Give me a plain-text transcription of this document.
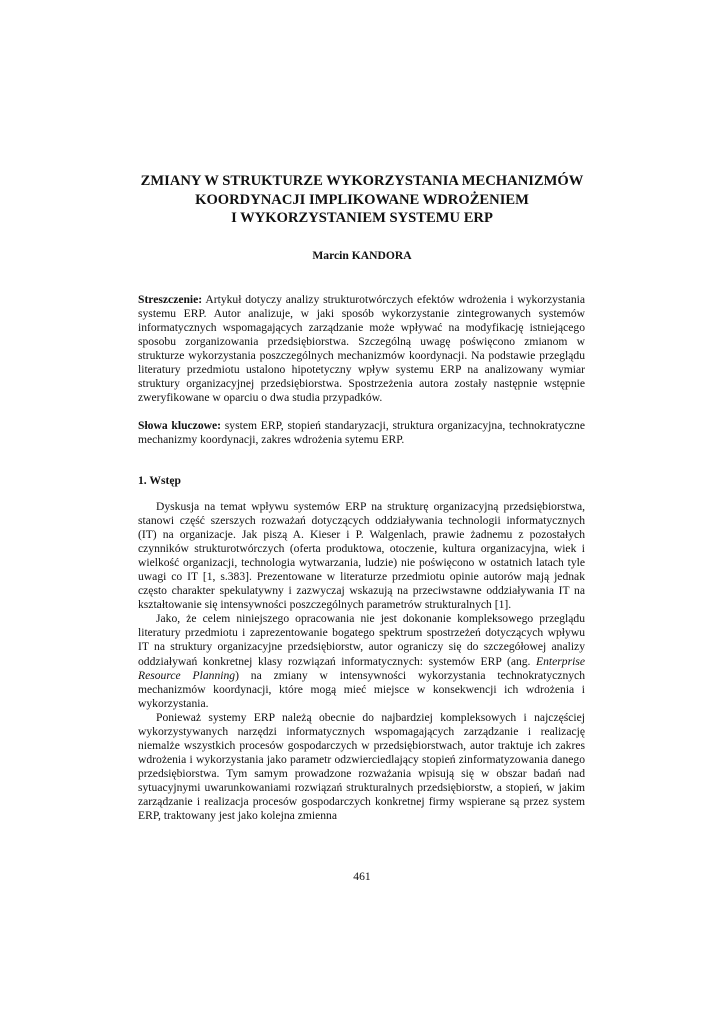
ZMIANY W STRUKTURZE WYKORZYSTANIA MECHANIZMÓW
KOORDYNACJI IMPLIKOWANE WDROŻENIEM
I WYKORZYSTANIEM SYSTEMU ERP
Marcin KANDORA
Streszczenie: Artykuł dotyczy analizy strukturotwórczych efektów wdrożenia i wykorzystania systemu ERP. Autor analizuje, w jaki sposób wykorzystanie zintegrowanych systemów informatycznych wspomagających zarządzanie może wpływać na modyfikację istniejącego sposobu zorganizowania przedsiębiorstwa. Szczególną uwagę poświęcono zmianom w strukturze wykorzystania poszczególnych mechanizmów koordynacji. Na podstawie przeglądu literatury przedmiotu ustalono hipotetyczny wpływ systemu ERP na analizowany wymiar struktury organizacyjnej przedsiębiorstwa. Spostrzeżenia autora zostały następnie wstępnie zweryfikowane w oparciu o dwa studia przypadków.
Słowa kluczowe: system ERP, stopień standaryzacji, struktura organizacyjna, technokratyczne mechanizmy koordynacji, zakres wdrożenia sytemu ERP.
1. Wstęp

Dyskusja na temat wpływu systemów ERP na strukturę organizacyjną przedsiębiorstwa, stanowi część szerszych rozważań dotyczących oddziaływania technologii informatycznych (IT) na organizacje. Jak piszą A. Kieser i P. Walgenlach, prawie żadnemu z pozostałych czynników strukturotwórczych (oferta produktowa, otoczenie, kultura organizacyjna, wiek i wielkość organizacji, technologia wytwarzania, ludzie) nie poświęcono w ostatnich latach tyle uwagi co IT [1, s.383]. Prezentowane w literaturze przedmiotu opinie autorów mają jednak często charakter spekulatywny i zazwyczaj wskazują na przeciwstawne oddziaływania IT na kształtowanie się intensywności poszczególnych parametrów strukturalnych [1].

Jako, że celem niniejszego opracowania nie jest dokonanie kompleksowego przeglądu literatury przedmiotu i zaprezentowanie bogatego spektrum spostrzeżeń dotyczących wpływu IT na struktury organizacyjne przedsiębiorstw, autor ograniczy się do szczegółowej analizy oddziaływań konkretnej klasy rozwiązań informatycznych: systemów ERP (ang. Enterprise Resource Planning) na zmiany w intensywności wykorzystania technokratycznych mechanizmów koordynacji, które mogą mieć miejsce w konsekwencji ich wdrożenia i wykorzystania.

Ponieważ systemy ERP należą obecnie do najbardziej kompleksowych i najczęściej wykorzystywanych narzędzi informatycznych wspomagających zarządzanie i realizację niemalże wszystkich procesów gospodarczych w przedsiębiorstwach, autor traktuje ich zakres wdrożenia i wykorzystania jako parametr odzwierciedlający stopień zinformatyzowania danego przedsiębiorstwa. Tym samym prowadzone rozważania wpisują się w obszar badań nad sytuacyjnymi uwarunkowaniami rozwiązań strukturalnych przedsiębiorstw, a stopień, w jakim zarządzanie i realizacja procesów gospodarczych konkretnej firmy wspierane są przez system ERP, traktowany jest jako kolejna zmienna

461
